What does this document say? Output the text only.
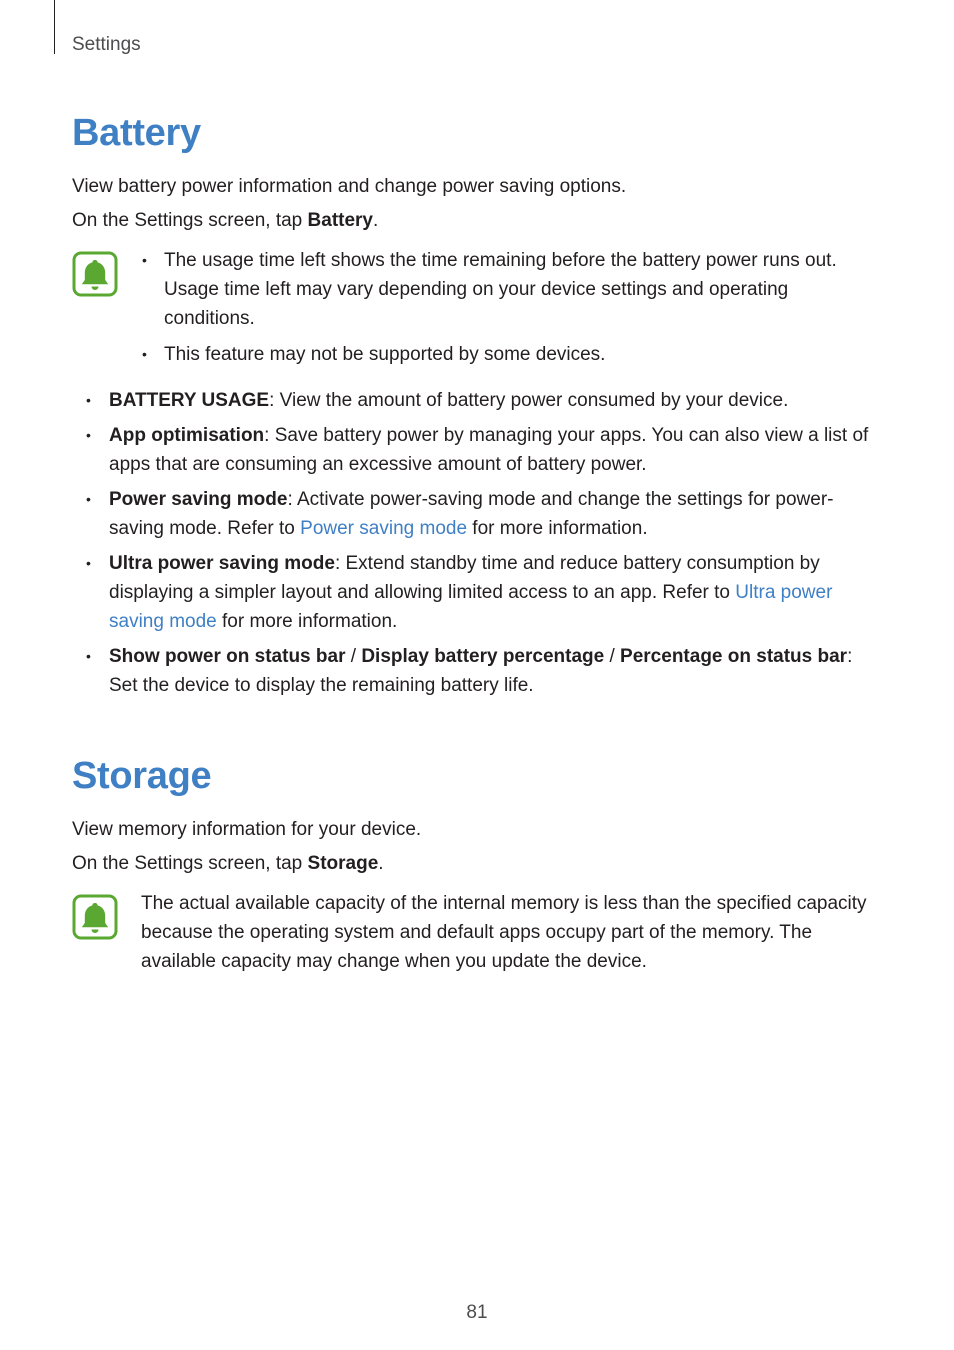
Settings
Battery

View battery power information and change power saving options.

On the Settings screen, tap Battery.

• The usage time left shows the time remaining before the battery power runs out. Usage time left may vary depending on your device settings and operating conditions.
• This feature may not be supported by some devices.
• BATTERY USAGE: View the amount of battery power consumed by your device.
• App optimisation: Save battery power by managing your apps. You can also view a list of apps that are consuming an excessive amount of battery power.
• Power saving mode: Activate power-saving mode and change the settings for power-saving mode. Refer to Power saving mode for more information.
• Ultra power saving mode: Extend standby time and reduce battery consumption by displaying a simpler layout and allowing limited access to an app. Refer to Ultra power saving mode for more information.
• Show power on status bar / Display battery percentage / Percentage on status bar: Set the device to display the remaining battery life.
Storage

View memory information for your device.

On the Settings screen, tap Storage.

The actual available capacity of the internal memory is less than the specified capacity because the operating system and default apps occupy part of the memory. The available capacity may change when you update the device.

81
